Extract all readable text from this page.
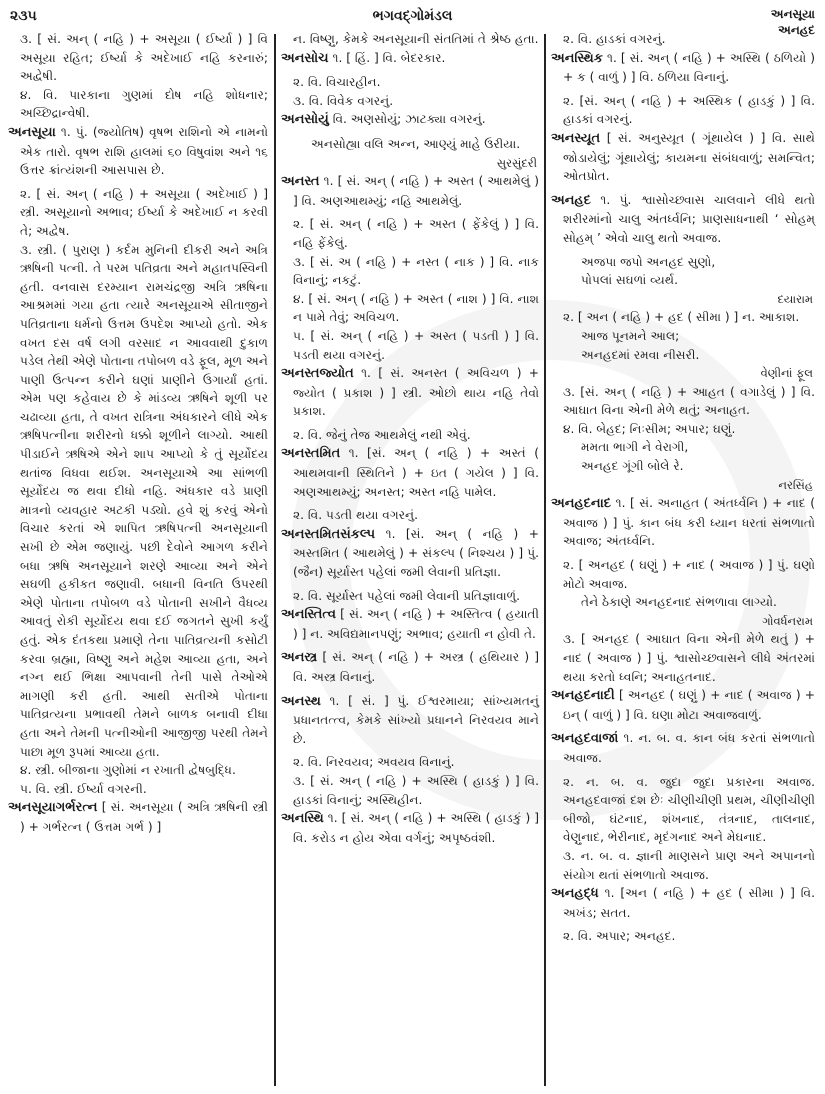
૨૩૫	ભગવદ્ગોમંડલ	અનસૂયા
અનહદ

૩. [ સં. અન્ ( નહિ ) + અસૂયા ( ઈર્ષ્યા ) ] વિ અસૂયા રહિત; ઈર્ષ્યા કે અદેખાઈ નહિ કરનારું; અદ્વેષી.

૪. વિ. પારકાના ગુણમાં દોષ નહિ શોધનાર; અચ્છિદ્રાન્વેષી.

અનસૂયા ૧. પું. (જ્યોતિષ) વૃષભ રાશિનો એ નામનો એક તારો. વૃષભ રાશિ હાલમાં ૬૦ વિષુવાંશ અને ૧૬ ઉત્તર ક્રાંત્યંશની આસપાસ છે.

૨. [ સં. અન્ ( નહિ ) + અસૂયા ( અદેખાઈ ) ] સ્ત્રી. અસૂયાનો અભાવ; ઈર્ષ્યા કે અદેખાઈ ન કરવી તે; અદ્વેષ.

૩. સ્ત્રી. ( પુરાણ ) કર્દમ મુનિની દીકરી અને અત્રિ ઋષિની પત્ની. તે પરમ પતિવ્રતા અને મહાતપસ્વિની હતી. વનવાસ દરમ્યાન રામચંદ્રજી અત્રિ ઋષિના આશ્રમમાં ગયા હતા ત્યારે અનસૂયાએ સીતાજીને પતિવ્રતાના ધર્મનો ઉત્તમ ઉપદેશ આપ્યો હતો. એક વખત દસ વર્ષ લગી વરસાદ ન આવવાથી દુકાળ પડેલ તેથી એણે પોતાના તપોબળ વડે ફૂલ, મૂળ અને પાણી ઉત્પન્ન કરીને ઘણાં પ્રાણીને ઉગાર્યાં હતાં. એમ પણ કહેવાય છે કે માંડવ્ય ઋષિને શૂળી પર ચઢાવ્યા હતા, તે વખત રાત્રિના અંધકારને લીધે એક ઋષિપત્નીના શરીરનો ધક્કો શૂળીને લાગ્યો. આથી પીડાઈને ઋષિએ એને શાપ આપ્યો કે તું સૂર્યોદય થતાંજ વિધવા થઈશ. અનસૂયાએ આ સાંભળી સૂર્યોદય જ થવા દીધો નહિ. અંધકાર વડે પ્રાણી માત્રનો વ્યવહાર અટકી પડ્યો. હવે શું કરવું એનો વિચાર કરતાં એ શાપિત ઋષિપત્ની અનસૂયાની સખી છે એમ જણાયું. પછી દેવોને આગળ કરીને બધા ઋષિ અનસૂયાને શરણે આવ્યા અને એને સઘળી હકીકત જણાવી. બધાની વિનતિ ઉપરથી એણે પોતાના તપોબળ વડે પોતાની સખીને વૈધવ્ય આવતું રોકી સૂર્યોદય થવા દઈ જગતને સુખી કર્યું હતું. એક દંતકથા પ્રમાણે તેના પાતિવ્રત્યની કસોટી કરવા બ્રહ્મા, વિષ્ણુ અને મહેશ આવ્યા હતા, અને નગ્ન થઈ ભિક્ષા આપવાની તેની પાસે તેઓએ માગણી કરી હતી. આથી સતીએ પોતાના પાતિવ્રત્યના પ્રભાવથી તેમને બાળક બનાવી દીધા હતા અને તેમની પત્નીઓની આજીજી પરથી તેમને પાછા મૂળ રૂપમાં આવ્યા હતા.

૪. સ્ત્રી. બીજાના ગુણોમાં ન રખાતી દ્વેષબુદ્ધિ.

૫. વિ. સ્ત્રી. ઈર્ષ્યા વગરની.

અનસૂયાગર્ભરત્ન [ સં. અનસૂયા ( અત્રિ ઋષિની સ્ત્રી ) + ગર્ભરત્ન ( ઉત્તમ ગર્ભ ) ]

ન. વિષ્ણુ, કેમકે અનસૂયાની સંતતિમાં તે શ્રેષ્ઠ હતા.

અનસોચ ૧. [ હિં. ] વિ. બેદરકાર.

૨. વિ. વિચારહીન.

૩. વિ. વિવેક વગરનું.

અનસોયું વિ. અણસોયું; ઝાટક્યા વગરનું.

અનસોહ્યા વલિ અન્ન, આણ્યું માહે ઉરીયા.

સુરસુંદરી

અનસ્ત ૧. [ સં. અન્ ( નહિ ) + અસ્ત ( આથમેલું ) ] વિ. અણઆથમ્યું; નહિ આથમેલું.

૨. [ સં. અન્ ( નહિ ) + અસ્ત ( ફેંકેલું ) ] વિ. નહિ ફેંકેલું.

૩. [ સં. અ ( નહિ ) + નસ્ત ( નાક ) ] વિ. નાક વિનાનું; નકટું.

૪. [ સં. અન્ ( નહિ ) + અસ્ત ( નાશ ) ] વિ. નાશ ન પામે તેવું; અવિચળ.

૫. [ સં. અન્ ( નહિ ) + અસ્ત ( પડતી ) ] વિ. પડતી થયા વગરનું.

અનસ્તજ્યોત ૧. [ સં. અનસ્ત ( અવિચળ ) + જ્યોત ( પ્રકાશ ) ] સ્ત્રી. ઓછો થાય નહિ તેવો પ્રકાશ.

૨. વિ. જેનું તેજ આથમેલું નથી એવું.

અનસ્તમિત ૧. [સં. અન્ ( નહિ ) + અસ્તં ( આથમવાની સ્થિતિને ) + ઇત ( ગયેલ ) ] વિ. અણઆથમ્યું; અનસ્ત; અસ્ત નહિ પામેલ.

૨. વિ. પડતી થયા વગરનું.

અનસ્તમિતસંકલ્પ ૧. [સં. અન્ ( નહિ ) + અસ્તમિત ( આથમેલું ) + સંકલ્પ ( નિશ્ચય ) ] પું. (જૈન) સૂર્યાસ્ત પહેલાં જમી લેવાની પ્રતિજ્ઞા.

૨. વિ. સૂર્યાસ્ત પહેલાં જમી લેવાની પ્રતિજ્ઞાવાળું.

અનસ્તિત્વ [ સં. અન્ ( નહિ ) + અસ્તિત્વ ( હયાતી ) ] ન. અવિદ્યમાનપણું; અભાવ; હયાતી ન હોવી તે.

અનસ્ત્ર [ સં. અન્ ( નહિ ) + અસ્ત્ર ( હથિયાર ) ] વિ. અસ્ત્ર વિનાનું.

અનસ્થ ૧. [ સં. ] પું. ઈશ્વરમાયા; સાંખ્યમતનું પ્રધાનતત્ત્વ, કેમકે સાંખ્યો પ્રધાનને નિરવયવ માને છે.

૨. વિ. નિરવયવ; અવયવ વિનાનું.

૩. [ સં. અન્ ( નહિ ) + અસ્થિ ( હાડકું ) ] વિ. હાડકાં વિનાનું; અસ્થિહીન.

અનસ્થિ ૧. [ સં. અન્ ( નહિ ) + અસ્થિ ( હાડકું ) ] વિ. કરોડ ન હોય એવા વર્ગનું; અપૃષ્ઠવંશી.

૨. વિ. હાડકાં વગરનું.

અનસ્થિક ૧. [ સં. અન્ ( નહિ ) + અસ્થિ ( ઠળિયો ) + ક ( વાળું ) ] વિ. ઠળિયા વિનાનું.

૨. [સં. અન્ ( નહિ ) + અસ્થિક ( હાડકું ) ] વિ. હાડકાં વગરનું.

અનસ્યૂત [ સં. અનુસ્યૂત ( ગૂંથાયેલ ) ] વિ. સાથે જોડાયેલું; ગૂંથાયેલું; કાયમના સંબંધવાળું; સમન્વિત; ઓતપ્રોત.

અનહદ ૧. પું. શ્વાસોચ્છ્વાસ ચાલવાને લીધે થતો શરીરમાંનો ચાલુ અંતર્ધ્વનિ; પ્રાણસાધનાથી ‘ સોહમ્ સોહમ્ ’ એવો ચાલુ થતો અવાજ.

અજપા જપો અનહદ સુણો,

પોપલાં સઘળાં વ્યર્થ.

દયારામ

૨. [ અન ( નહિ ) + હદ ( સીમા ) ] ન. આકાશ.

આજ પૂનમને આલ;

અનહદમાં રમવા નીસરી.

વેણીનાં ફૂલ

૩. [સં. અન્ ( નહિ ) + આહત ( વગાડેલું ) ] વિ. આઘાત વિના એની મેળે થતું; અનાહત.

૪. વિ. બેહદ; નિઃસીમ; અપાર; ઘણું.

મમતા ભાગી ને વેરાગી,

અનહદ ગૂંગી બોલે રે.

નરસિંહ

અનહદનાદ ૧. [ સં. અનાહત ( અંતર્ધ્વનિ ) + નાદ ( અવાજ ) ] પું. કાન બંધ કરી ધ્યાન ધરતાં સંભળાતો અવાજ; અંતર્ધ્વનિ.

૨. [ અનહદ ( ઘણું ) + નાદ ( અવાજ ) ] પું. ઘણો મોટો અવાજ.

તેને ઠેકાણે અનહદનાદ સંભળાવા લાગ્યો.

ગોવર્ધનરામ

૩. [ અનહદ ( આઘાત વિના એની મેળે થતું ) + નાદ ( અવાજ ) ] પું. શ્વાસોચ્છ્વાસને લીધે અંતરમાં થયા કરતો ધ્વનિ; અનાહતનાદ.

અનહદનાદી [ અનહદ ( ઘણું ) + નાદ ( અવાજ ) + ઇન્ ( વાળું ) ] વિ. ઘણા મોટા અવાજવાળું.

અનહદવાજાં ૧. ન. બ. વ. કાન બંધ કરતાં સંભળાતો અવાજ.

૨. ન. બ. વ. જુદા જુદા પ્રકારના અવાજ. અનહદવાજાં દશ છેઃ ચીણીચીણી પ્રથમ, ચીણીચીણી બીજો, ઘંટનાદ, શંખનાદ, તંત્રનાદ, તાલનાદ, વેણુનાદ, ભેરીનાદ, મૃદંગનાદ અને મેઘનાદ.

૩. ન. બ. વ. જ્ઞાની માણસને પ્રાણ અને અપાનનો સંયોગ થતાં સંભળાતો અવાજ.

અનહદ્ધ ૧. [અન ( નહિ ) + હદ ( સીમા ) ] વિ. અખંડ; સતત.

૨. વિ. અપાર; અનહદ.
